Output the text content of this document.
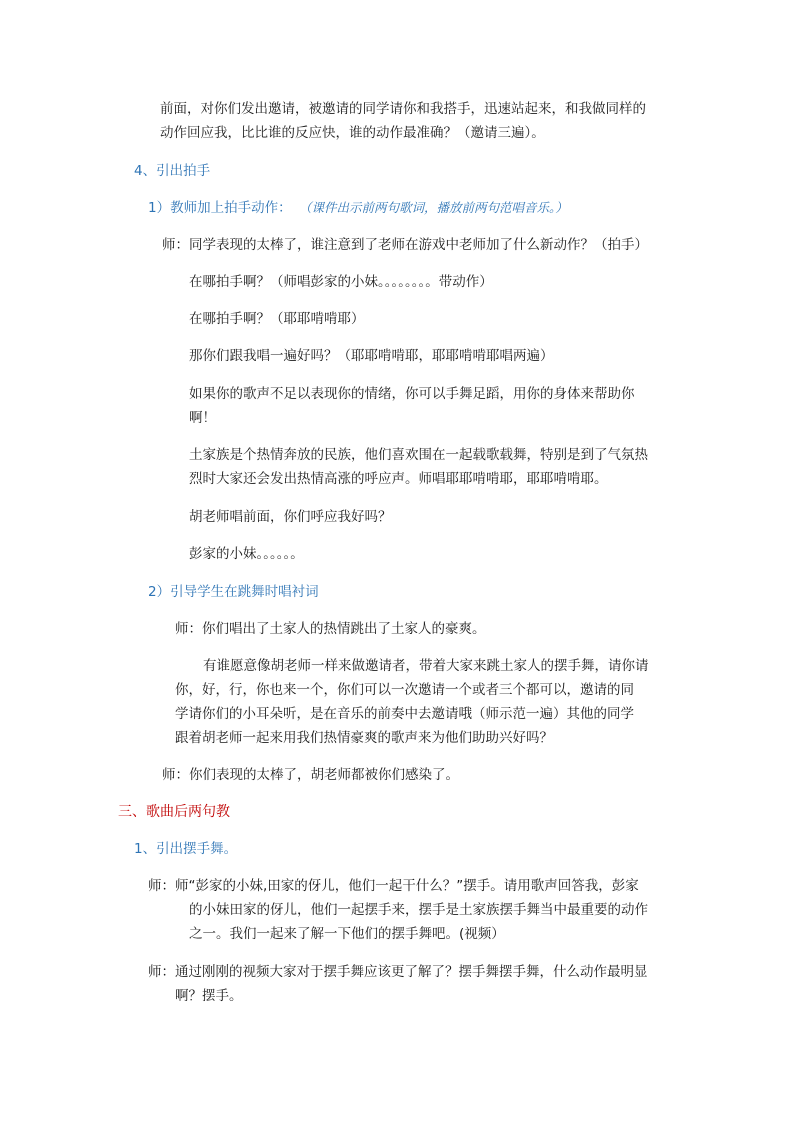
前面，对你们发出邀请，被邀请的同学请你和我搭手，迅速站起来，和我做同样的
动作回应我，比比谁的反应快，谁的动作最准确？（邀请三遍）。
4、引出拍手
1）教师加上拍手动作： （课件出示前两句歌词，播放前两句范唱音乐。）
师：同学表现的太棒了，谁注意到了老师在游戏中老师加了什么新动作？（拍手）
在哪拍手啊？（师唱彭家的小妹。。。。。。。。带动作）
在哪拍手啊？（耶耶啃啃耶）
那你们跟我唱一遍好吗？（耶耶啃啃耶，耶耶啃啃耶唱两遍）
如果你的歌声不足以表现你的情绪，你可以手舞足蹈，用你的身体来帮助你
啊！
土家族是个热情奔放的民族，他们喜欢围在一起载歌载舞，特别是到了气氛热
烈时大家还会发出热情高涨的呼应声。师唱耶耶啃啃耶，耶耶啃啃耶。
胡老师唱前面，你们呼应我好吗？
彭家的小妹。。。。。。
2）引导学生在跳舞时唱衬词
师：你们唱出了土家人的热情跳出了土家人的豪爽。
有谁愿意像胡老师一样来做邀请者，带着大家来跳土家人的摆手舞，请你请
你，好，行，你也来一个，你们可以一次邀请一个或者三个都可以，邀请的同
学请你们的小耳朵听，是在音乐的前奏中去邀请哦（师示范一遍）其他的同学
跟着胡老师一起来用我们热情豪爽的歌声来为他们助助兴好吗？
师：你们表现的太棒了，胡老师都被你们感染了。
三、歌曲后两句教
1、引出摆手舞。
师：师“彭家的小妹,田家的伢儿，他们一起干什么？”摆手。请用歌声回答我，彭家
的小妹田家的伢儿，他们一起摆手来，摆手是土家族摆手舞当中最重要的动作
之一。我们一起来了解一下他们的摆手舞吧。(视频）
师：通过刚刚的视频大家对于摆手舞应该更了解了？摆手舞摆手舞，什么动作最明显
啊？摆手。
